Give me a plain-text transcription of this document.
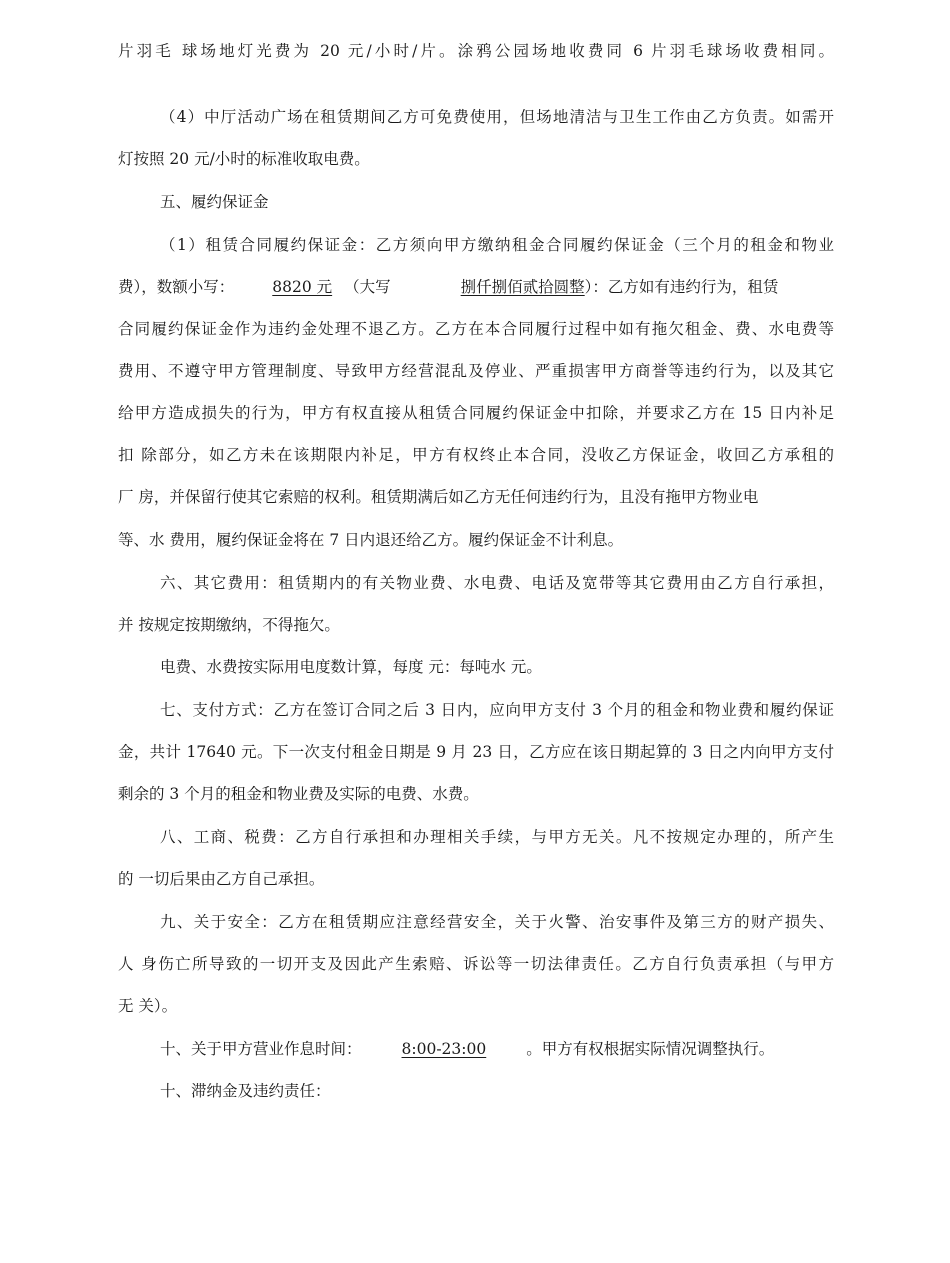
片羽毛 球场地灯光费为 20 元/小时/片。涂鸦公园场地收费同 6 片羽毛球场收费相同。
（4）中厅活动广场在租赁期间乙方可免费使用，但场地清洁与卫生工作由乙方负责。如需开
灯按照 20 元/小时的标准收取电费。
五、履约保证金
（1）租赁合同履约保证金：乙方须向甲方缴纳租金合同履约保证金（三个月的租金和物业
费），数额小写： 8820 元 （大写	捌仟捌佰贰拾圆整）：乙方如有违约行为，租赁
合同履约保证金作为违约金处理不退乙方。乙方在本合同履行过程中如有拖欠租金、费、水电费等
费用、不遵守甲方管理制度、导致甲方经营混乱及停业、严重损害甲方商誉等违约行为，以及其它
给甲方造成损失的行为，甲方有权直接从租赁合同履约保证金中扣除，并要求乙方在 15 日内补足
扣 除部分，如乙方未在该期限内补足，甲方有权终止本合同，没收乙方保证金，收回乙方承租的
厂 房，并保留行使其它索赔的权利。租赁期满后如乙方无任何违约行为，且没有拖甲方物业电
等、水 费用，履约保证金将在 7 日内退还给乙方。履约保证金不计利息。
六、其它费用：租赁期内的有关物业费、水电费、电话及宽带等其它费用由乙方自行承担，
并 按规定按期缴纳，不得拖欠。
电费、水费按实际用电度数计算，每度 元：每吨水 元。
七、支付方式：乙方在签订合同之后 3 日内，应向甲方支付 3 个月的租金和物业费和履约保证
金，共计 17640 元。下一次支付租金日期是 9 月 23 日，乙方应在该日期起算的 3 日之内向甲方支付
剩余的 3 个月的租金和物业费及实际的电费、水费。
八、工商、税费：乙方自行承担和办理相关手续，与甲方无关。凡不按规定办理的，所产生
的 一切后果由乙方自己承担。
九、关于安全：乙方在租赁期应注意经营安全，关于火警、治安事件及第三方的财产损失、
人 身伤亡所导致的一切开支及因此产生索赔、诉讼等一切法律责任。乙方自行负责承担（与甲方
无 关）。
十、关于甲方营业作息时间：	8:00-23:00	。甲方有权根据实际情况调整执行。
十、滞纳金及违约责任：
